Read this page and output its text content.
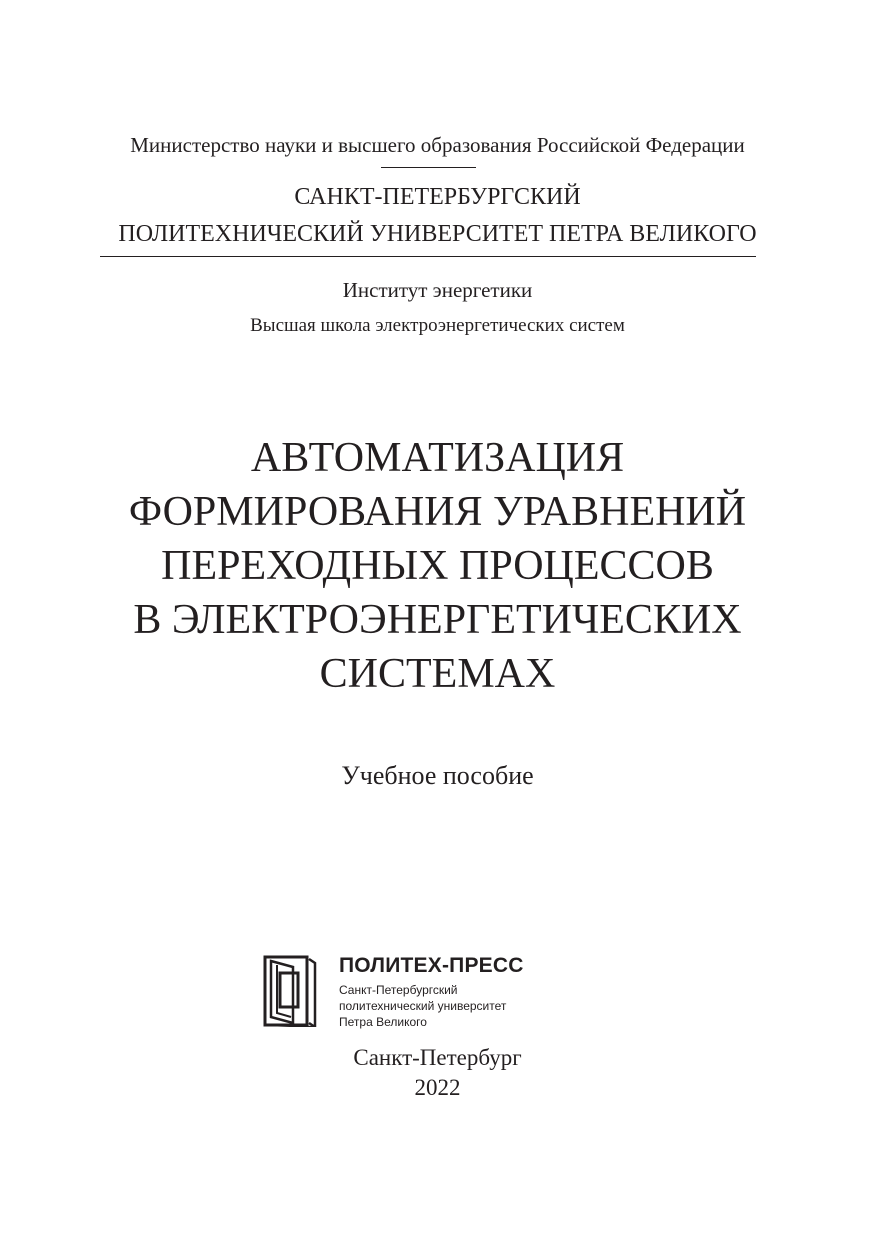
Министерство науки и высшего образования Российской Федерации
САНКТ-ПЕТЕРБУРГСКИЙ
ПОЛИТЕХНИЧЕСКИЙ УНИВЕРСИТЕТ ПЕТРА ВЕЛИКОГО
Институт энергетики
Высшая школа электроэнергетических систем
АВТОМАТИЗАЦИЯ
ФОРМИРОВАНИЯ УРАВНЕНИЙ
ПЕРЕХОДНЫХ ПРОЦЕССОВ
В ЭЛЕКТРОЭНЕРГЕТИЧЕСКИХ
СИСТЕМАХ
Учебное пособие
ПОЛИТЕХ-ПРЕСС
Санкт-Петербургский
политехнический университет
Петра Великого
Санкт-Петербург
2022
